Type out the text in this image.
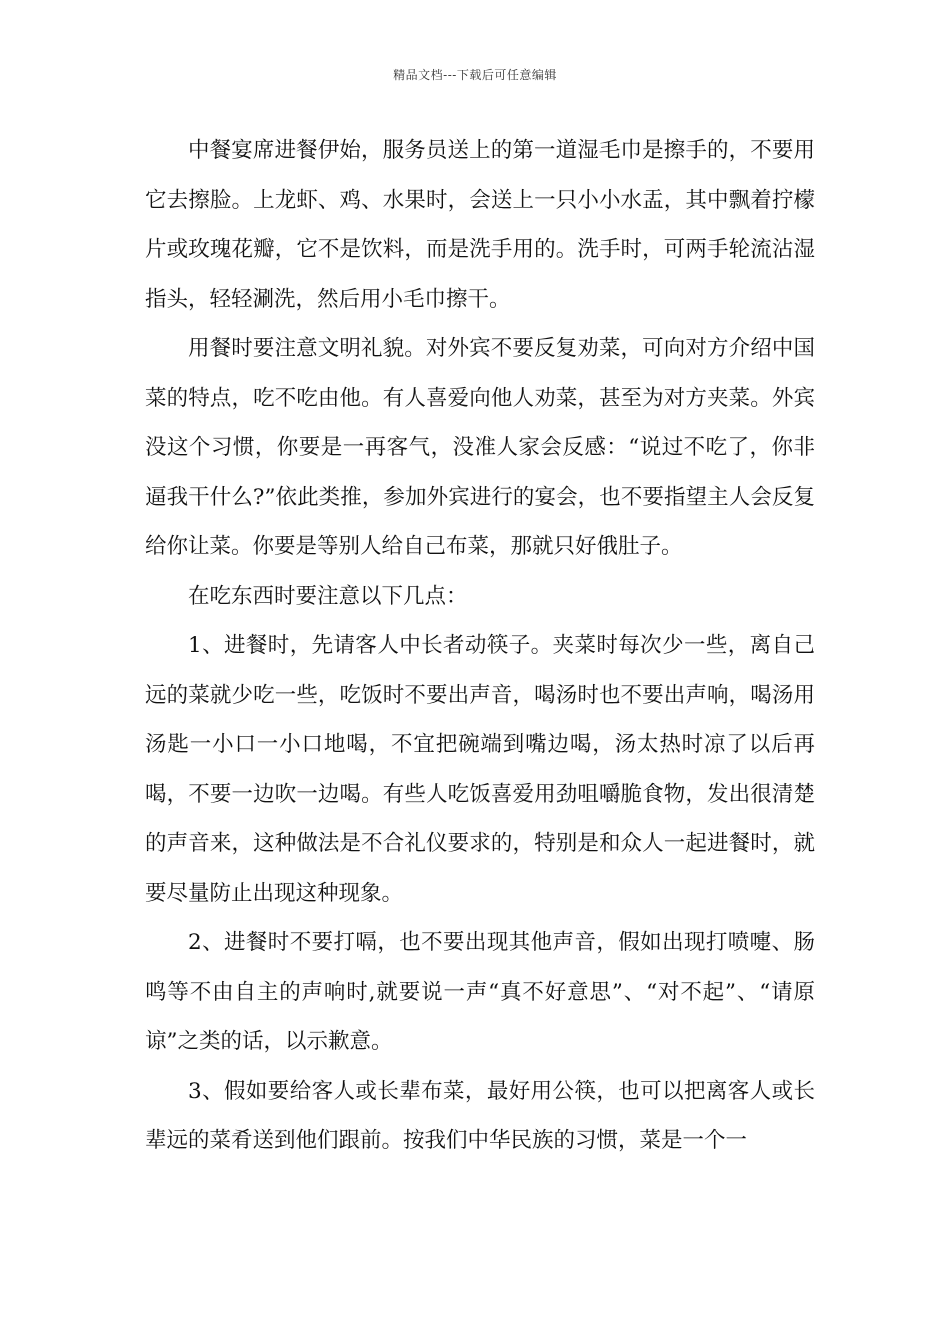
精品文档---下载后可任意编辑

中餐宴席进餐伊始，服务员送上的第一道湿毛巾是擦手的，不要用它去擦脸。上龙虾、鸡、水果时，会送上一只小小水盂，其中飘着拧檬片或玫瑰花瓣，它不是饮料，而是洗手用的。洗手时，可两手轮流沾湿指头，轻轻涮洗，然后用小毛巾擦干。

用餐时要注意文明礼貌。对外宾不要反复劝菜，可向对方介绍中国菜的特点，吃不吃由他。有人喜爱向他人劝菜，甚至为对方夹菜。外宾没这个习惯，你要是一再客气，没准人家会反感：“说过不吃了，你非逼我干什么?”依此类推，参加外宾进行的宴会，也不要指望主人会反复给你让菜。你要是等别人给自己布菜，那就只好俄肚子。

在吃东西时要注意以下几点：

1、进餐时，先请客人中长者动筷子。夹菜时每次少一些，离自己远的菜就少吃一些，吃饭时不要出声音，喝汤时也不要出声响，喝汤用汤匙一小口一小口地喝，不宜把碗端到嘴边喝，汤太热时凉了以后再喝，不要一边吹一边喝。有些人吃饭喜爱用劲咀嚼脆食物，发出很清楚的声音来，这种做法是不合礼仪要求的，特别是和众人一起进餐时，就要尽量防止出现这种现象。

2、进餐时不要打嗝，也不要出现其他声音，假如出现打喷嚏、肠鸣等不由自主的声响时,就要说一声“真不好意思”、“对不起”、“请原谅”之类的话，以示歉意。

3、假如要给客人或长辈布菜，最好用公筷，也可以把离客人或长辈远的菜肴送到他们跟前。按我们中华民族的习惯，菜是一个一
